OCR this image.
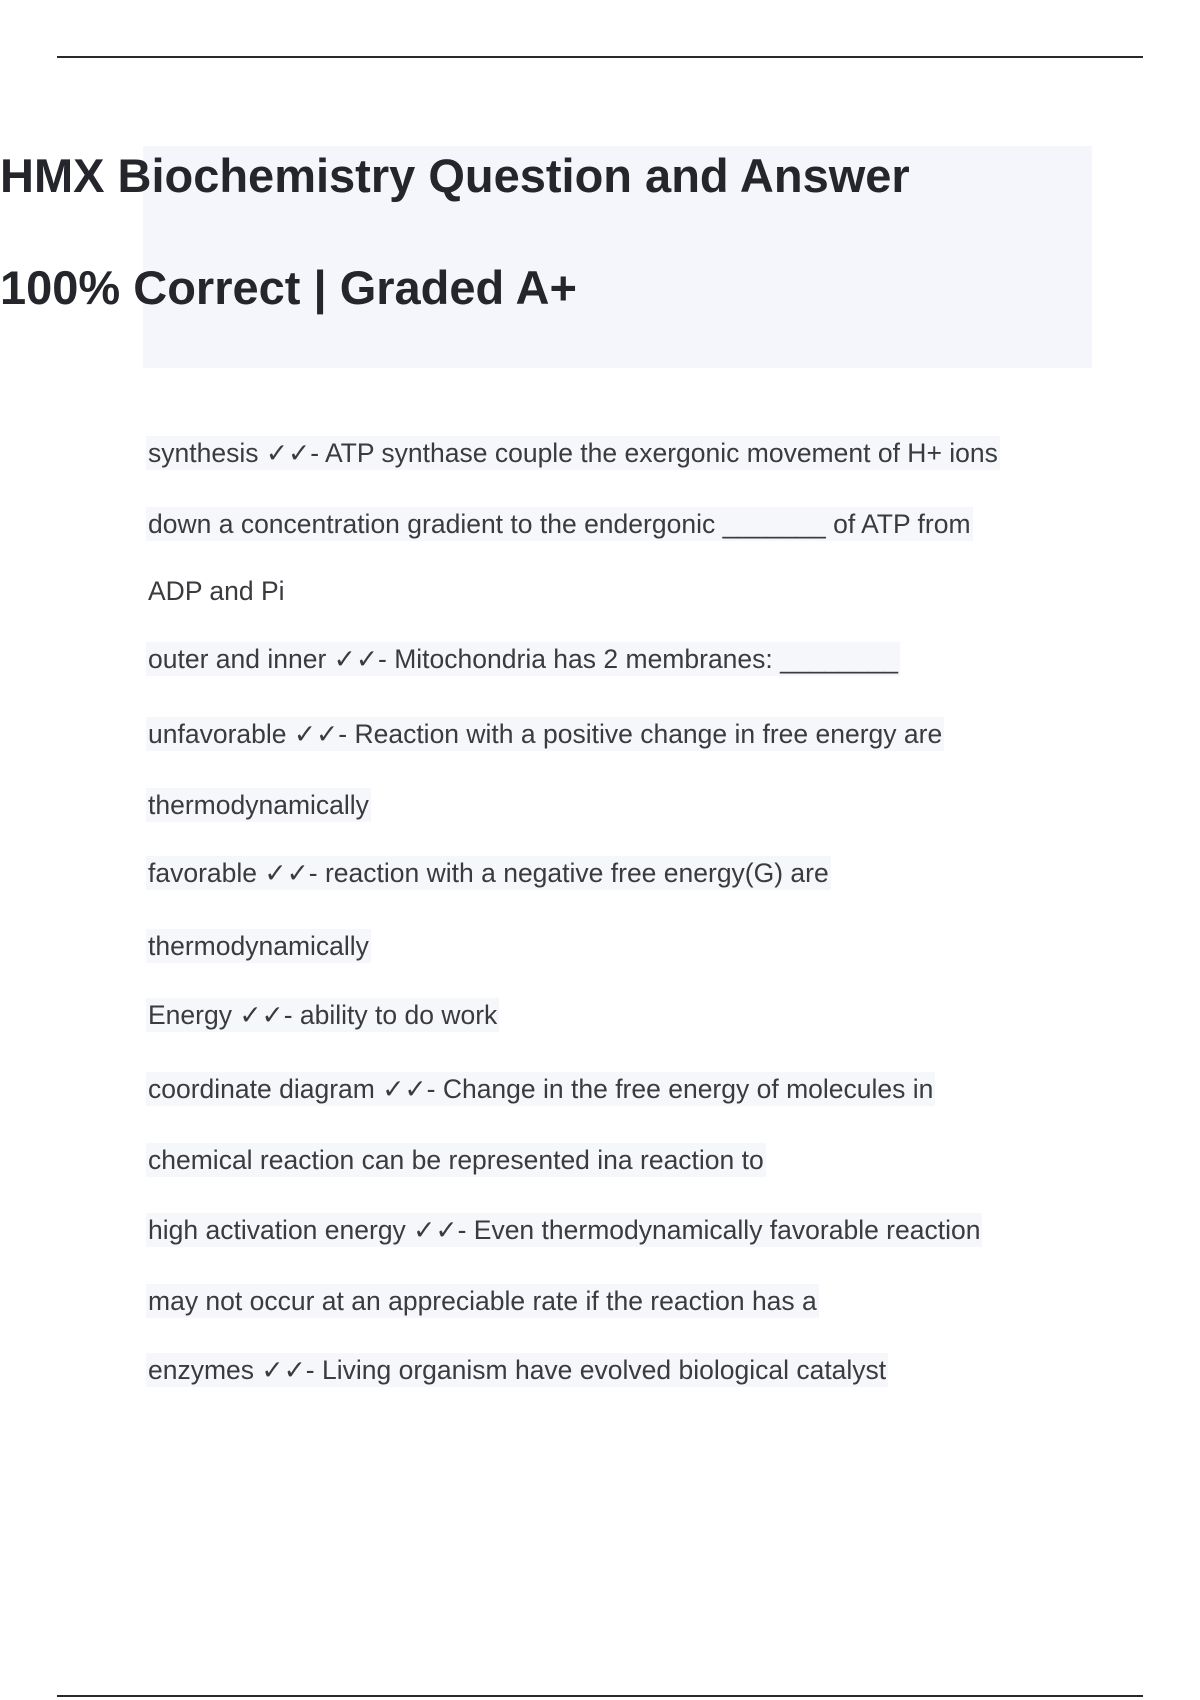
HMX Biochemistry Question and Answer
100% Correct | Graded A+
synthesis ✓✓- ATP synthase couple the exergonic movement of H+ ions
down a concentration gradient to the endergonic _______ of ATP from
ADP and Pi
outer and inner ✓✓- Mitochondria has 2 membranes: ________
unfavorable ✓✓- Reaction with a positive change in free energy are
thermodynamically
favorable ✓✓- reaction with a negative free energy(G) are
thermodynamically
Energy ✓✓- ability to do work
coordinate diagram ✓✓- Change in the free energy of molecules in
chemical reaction can be represented ina reaction to
high activation energy ✓✓- Even thermodynamically favorable reaction
may not occur at an appreciable rate if the reaction has a
enzymes ✓✓- Living organism have evolved biological catalyst
